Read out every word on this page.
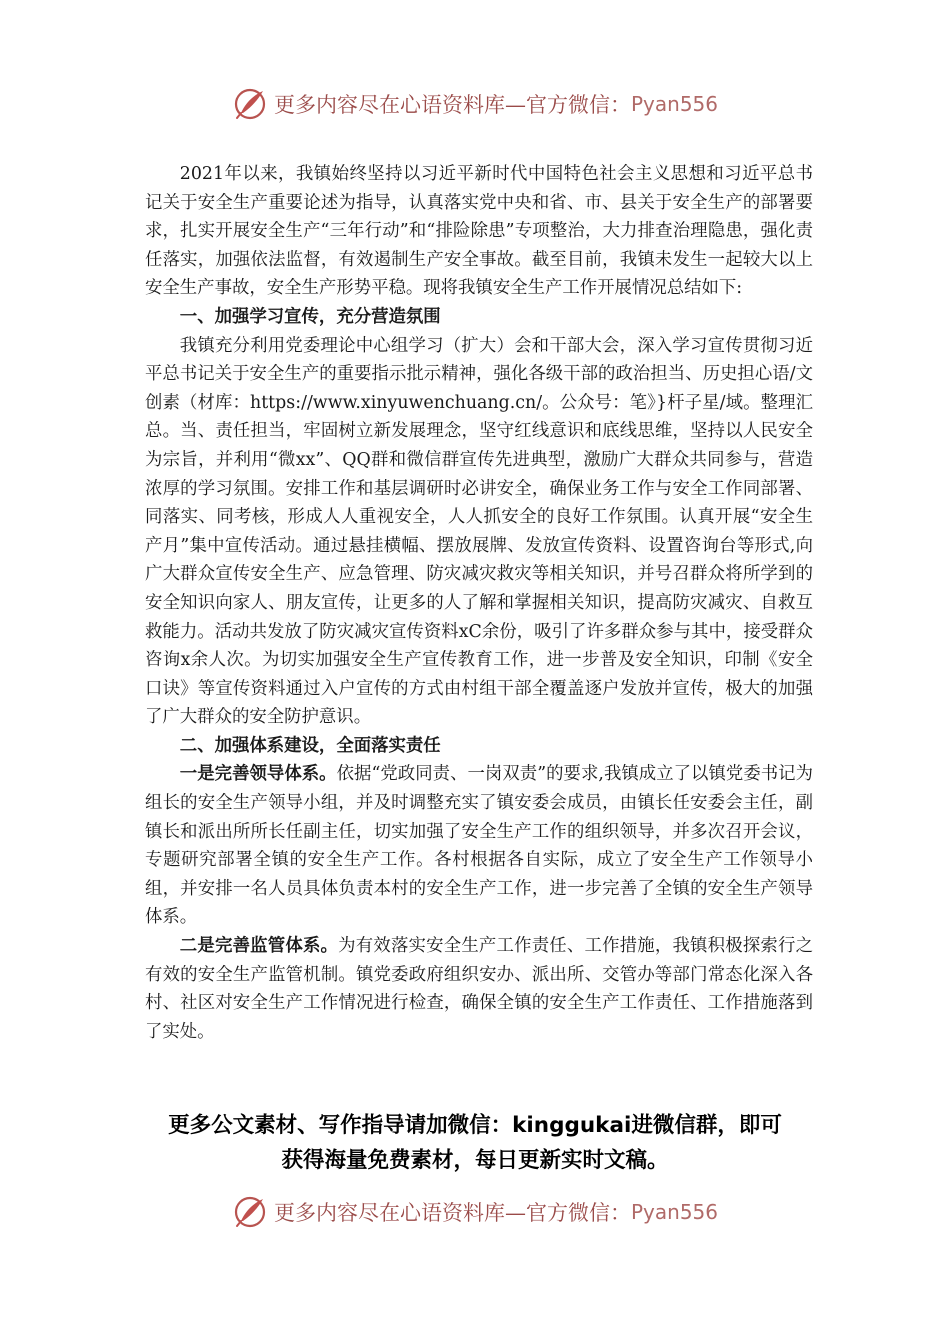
更多内容尽在心语资料库—官方微信： Pyan556

2021年以来，我镇始终坚持以习近平新时代中国特色社会主义思想和习近平总书记关于安全生产重要论述为指导，认真落实党中央和省、市、县关于安全生产的部署要求，扎实开展安全生产“三年行动”和“排险除患”专项整治，大力排查治理隐患，强化责任落实，加强依法监督，有效遏制生产安全事故。截至目前，我镇未发生一起较大以上安全生产事故，安全生产形势平稳。现将我镇安全生产工作开展情况总结如下:

一、加强学习宣传，充分营造氛围

我镇充分利用党委理论中心组学习（扩大）会和干部大会，深入学习宣传贯彻习近平总书记关于安全生产的重要指示批示精神，强化各级干部的政治担当、历史担心语/文创素（材库：https://www.xinyuwenchuang.cn/。公众号：笔》}杆子星/域。整理汇总。当、责任担当，牢固树立新发展理念，坚守红线意识和底线思维，坚持以人民安全为宗旨，并利用“微xx”、QQ群和微信群宣传先进典型，激励广大群众共同参与，营造浓厚的学习氛围。安排工作和基层调研时必讲安全，确保业务工作与安全工作同部署、同落实、同考核，形成人人重视安全，人人抓安全的良好工作氛围。认真开展“安全生产月”集中宣传活动。通过悬挂横幅、摆放展牌、发放宣传资料、设置咨询台等形式,向广大群众宣传安全生产、应急管理、防灾减灾救灾等相关知识，并号召群众将所学到的安全知识向家人、朋友宣传，让更多的人了解和掌握相关知识，提高防灾减灾、自救互救能力。活动共发放了防灾减灾宣传资料xC余份，吸引了许多群众参与其中，接受群众咨询x余人次。为切实加强安全生产宣传教育工作，进一步普及安全知识，印制《安全口诀》等宣传资料通过入户宣传的方式由村组干部全覆盖逐户发放并宣传，极大的加强了广大群众的安全防护意识。

二、加强体系建设，全面落实责任

一是完善领导体系。依据“党政同责、一岗双责”的要求,我镇成立了以镇党委书记为组长的安全生产领导小组，并及时调整充实了镇安委会成员，由镇长任安委会主任，副镇长和派出所所长任副主任，切实加强了安全生产工作的组织领导，并多次召开会议，专题研究部署全镇的安全生产工作。各村根据各自实际，成立了安全生产工作领导小组，并安排一名人员具体负责本村的安全生产工作，进一步完善了全镇的安全生产领导体系。

二是完善监管体系。为有效落实安全生产工作责任、工作措施，我镇积极探索行之有效的安全生产监管机制。镇党委政府组织安办、派出所、交管办等部门常态化深入各村、社区对安全生产工作情况进行检查，确保全镇的安全生产工作责任、工作措施落到了实处。

更多公文素材、写作指导请加微信：kinggukai进微信群，即可
获得海量免费素材，每日更新实时文稿。
更多内容尽在心语资料库—官方微信： Pyan556
